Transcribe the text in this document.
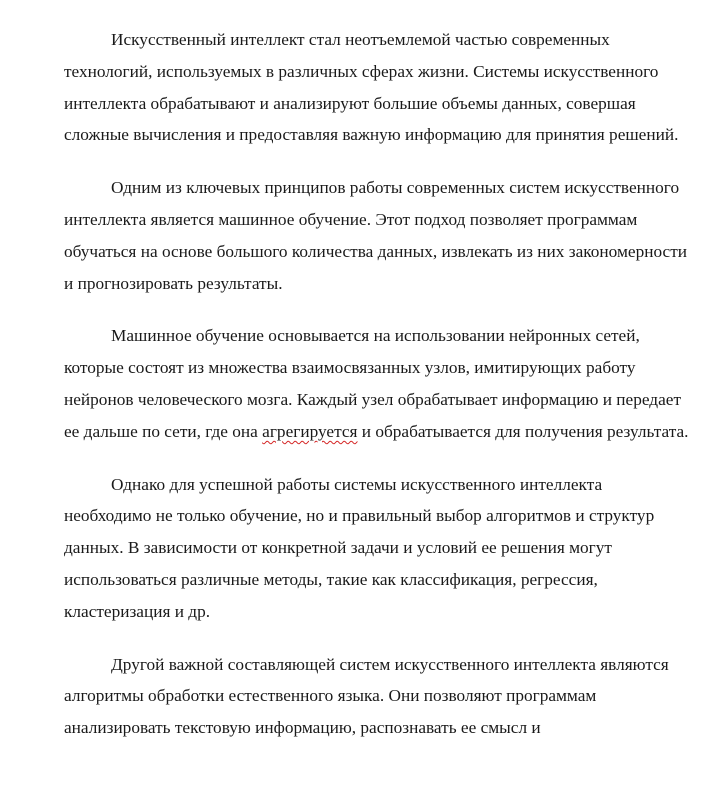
Искусственный интеллект стал неотъемлемой частью современных технологий, используемых в различных сферах жизни. Системы искусственного интеллекта обрабатывают и анализируют большие объемы данных, совершая сложные вычисления и предоставляя важную информацию для принятия решений.

Одним из ключевых принципов работы современных систем искусственного интеллекта является машинное обучение. Этот подход позволяет программам обучаться на основе большого количества данных, извлекать из них закономерности и прогнозировать результаты.

Машинное обучение основывается на использовании нейронных сетей, которые состоят из множества взаимосвязанных узлов, имитирующих работу нейронов человеческого мозга. Каждый узел обрабатывает информацию и передает ее дальше по сети, где она агрегируется и обрабатывается для получения результата.

Однако для успешной работы системы искусственного интеллекта необходимо не только обучение, но и правильный выбор алгоритмов и структур данных. В зависимости от конкретной задачи и условий ее решения могут использоваться различные методы, такие как классификация, регрессия, кластеризация и др.

Другой важной составляющей систем искусственного интеллекта являются алгоритмы обработки естественного языка. Они позволяют программам анализировать текстовую информацию, распознавать ее смысл и
